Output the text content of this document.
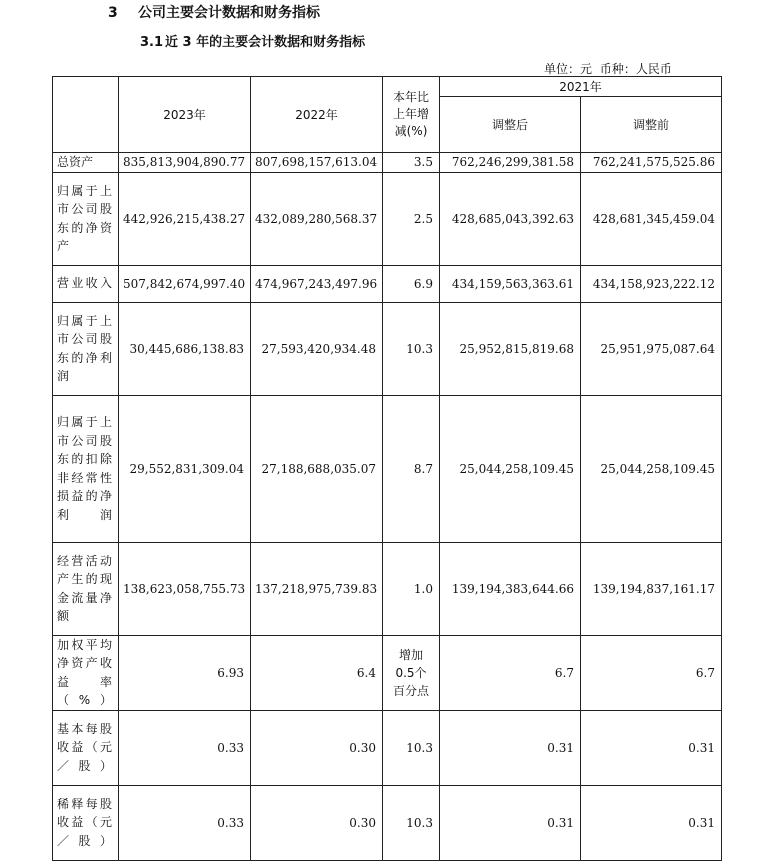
3 公司主要会计数据和财务指标
3.1 近 3 年的主要会计数据和财务指标
单位：元 币种：人民币
	2023年	2022年	本年比上年增减(%)	2021年	
				调整后	调整前
总资产	835,813,904,890.77	807,698,157,613.04	3.5	762,246,299,381.58	762,241,575,525.86
归属于上市公司股东的净资产	442,926,215,438.27	432,089,280,568.37	2.5	428,685,043,392.63	428,681,345,459.04
营业收入	507,842,674,997.40	474,967,243,497.96	6.9	434,159,563,363.61	434,158,923,222.12
归属于上市公司股东的净利润	30,445,686,138.83	27,593,420,934.48	10.3	25,952,815,819.68	25,951,975,087.64
归属于上市公司股东的扣除非经常性损益的净利润	29,552,831,309.04	27,188,688,035.07	8.7	25,044,258,109.45	25,044,258,109.45
经营活动产生的现金流量净额	138,623,058,755.73	137,218,975,739.83	1.0	139,194,383,644.66	139,194,837,161.17
加权平均净资产收益率（%）	6.93	6.4	增加0.5个百分点	6.7	6.7
基本每股收益（元／股）	0.33	0.30	10.3	0.31	0.31
稀释每股收益（元／股）	0.33	0.30	10.3	0.31	0.31
